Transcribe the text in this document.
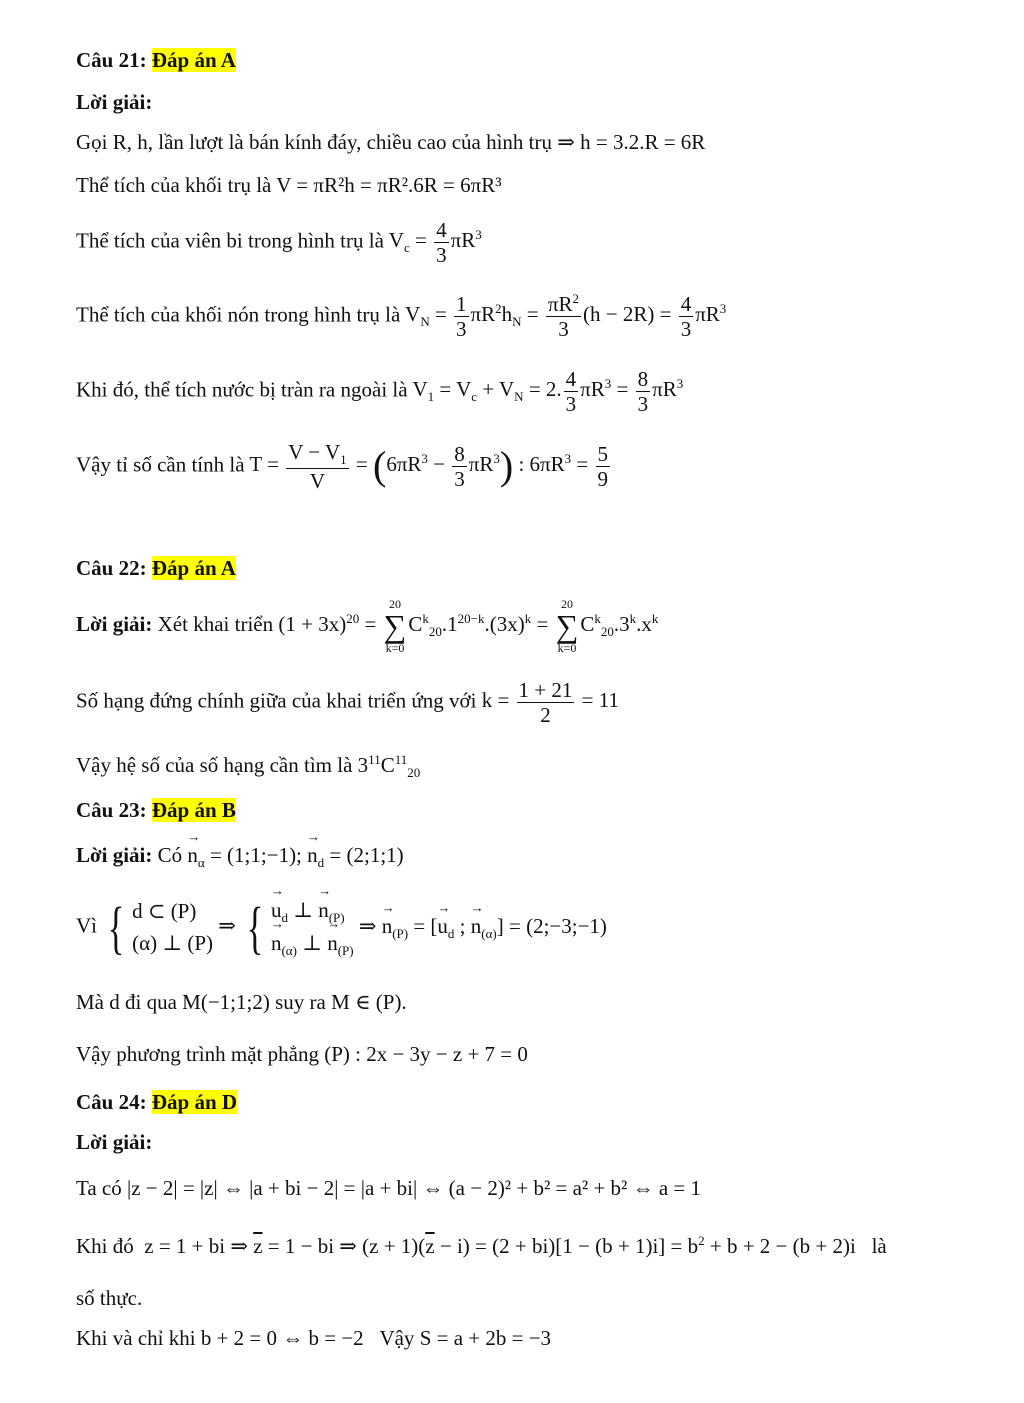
Câu 21: Đáp án A
Lời giải:
Gọi R, h, lần lượt là bán kính đáy, chiều cao của hình trụ ⇒ h = 3.2.R = 6R
Thể tích của khối trụ là V = πR²h = πR².6R = 6πR³
Thể tích của viên bi trong hình trụ là $V_c = \frac{4}{3} \pi R^3$
Thể tích của khối nón trong hình trụ là $V_N = \frac{1}{3} \pi R^2h_N = \frac{\pi R^2}{3} (h - 2R) = \frac{4}{3} \pi R^3$
Khi đó, thể tích nước bị tràn ra ngoài là $V_1 = V_c + V_N = 2$. $\frac{4}{3} \pi R^3 = \frac{8}{3} \pi R^3$
Vậy tỉ số cần tính là $T = \frac{V - V_1}{V} = (6\pi R^3 - \frac{8}{3} \pi R^3)$ : $6\pi R^3 = \frac{5}{9}$
Câu 22: Đáp án A
Lời giải: Xét khai triển $(1 + 3x)^{20}$ =
20
∑
k=0
$C^k_{20}.1^{20-k}.(3x)^k$ =
20
∑
k=0
$C^k_{20}.3^k.x^k$
Số hạng đứng chính giữa của khai triển ứng với $k = \frac{1 + 21}{2} = 11$
Vậy hệ số của số hạng cần tìm là $3^{11}C^{11}_{20}$
Câu 23: Đáp án B
Lời giải: Có → $n_\alpha$ = (1;1;−1); → $n_d$ = (2;1;1)
Vì { d ⊂ (P)
(α) ⊥ (P)
⇒ { → $u_d$ ⊥ → $n_{(P)}$
→ $n_{(\alpha)}$ ⊥ → $n_{(P)}$
⇒ → $n_{(P)}$ = [→ $u_d$ ; → $n_{(\alpha)}$] = (2;−3;−1)
Mà d đi qua M(−1;1;2) suy ra M ∈ (P).
Vậy phương trình mặt phẳng (P) : 2x − 3y − z + 7 = 0
Câu 24: Đáp án D
Lời giải:
Ta có |z − 2| = |z| ⇔ |a + bi − 2| = |a + bi| ⇔ (a − 2)² + b² = a² + b² ⇔ a = 1
Khi đó  z = 1 + bi ⇒ $\overline{z} = 1$ − bi ⇒ $(z + 1)(\overline{z} - i) = (2 + bi)[1 - (b + 1)i] = b^2 + b + 2 - (b + 2)i$ là
số thực.
Khi và chỉ khi b + 2 = 0 ⇔ b = −2 Vậy S = a + 2b = −3
